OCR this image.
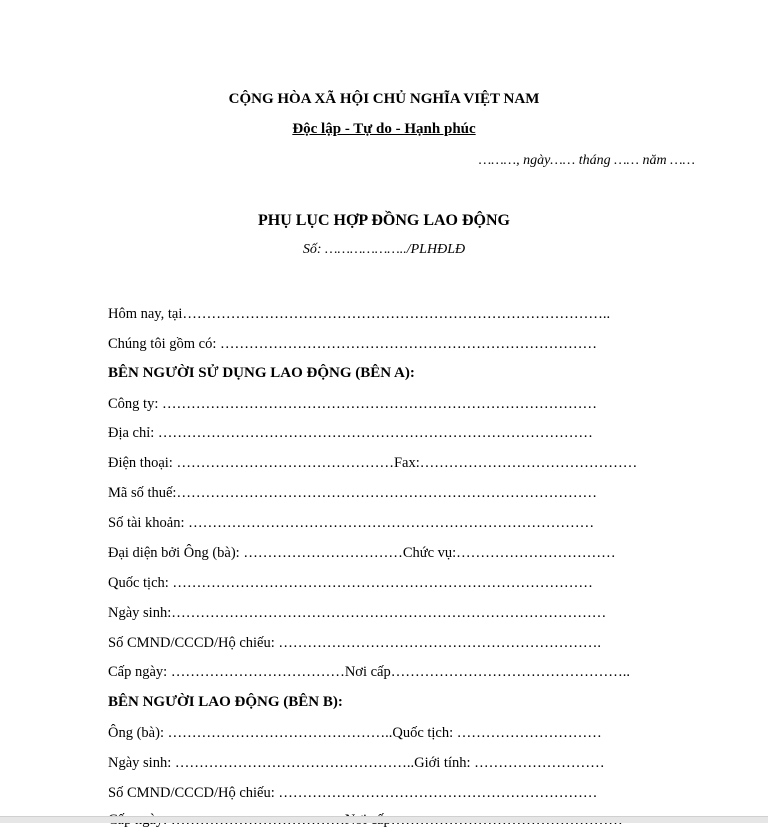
CỘNG HÒA XÃ HỘI CHỦ NGHĨA VIỆT NAM
Độc lập - Tự do - Hạnh phúc
………, ngày…… tháng …… năm ……
PHỤ LỤC HỢP ĐỒNG LAO ĐỘNG
Số: ………………../PLHĐLĐ
Hôm nay, tại……………………………………………………………………………..
Chúng tôi gồm có: ……………………………………………………………………
BÊN NGƯỜI SỬ DỤNG LAO ĐỘNG (BÊN A):
Công ty: ………………………………………………………………………………
Địa chỉ: ………………………………………………………………………………
Điện thoại: ………………………………………Fax:………………………………………
Mã số thuế:……………………………………………………………………………
Số tài khoản: …………………………………………………………………………
Đại diện bởi Ông (bà): ……………………………Chức vụ:……………………………
Quốc tịch: ……………………………………………………………………………
Ngày sinh:………………………………………………………………………………
Số CMND/CCCD/Hộ chiếu: ………………………………………………………….
Cấp ngày: ………………………………Nơi cấp…………………………………………..
BÊN NGƯỜI LAO ĐỘNG (BÊN B):
Ông (bà): ………………………………………..Quốc tịch: …………………………
Ngày sinh: …………………………………………..Giới tính: ………………………
Số CMND/CCCD/Hộ chiếu: …………………………………………………………
